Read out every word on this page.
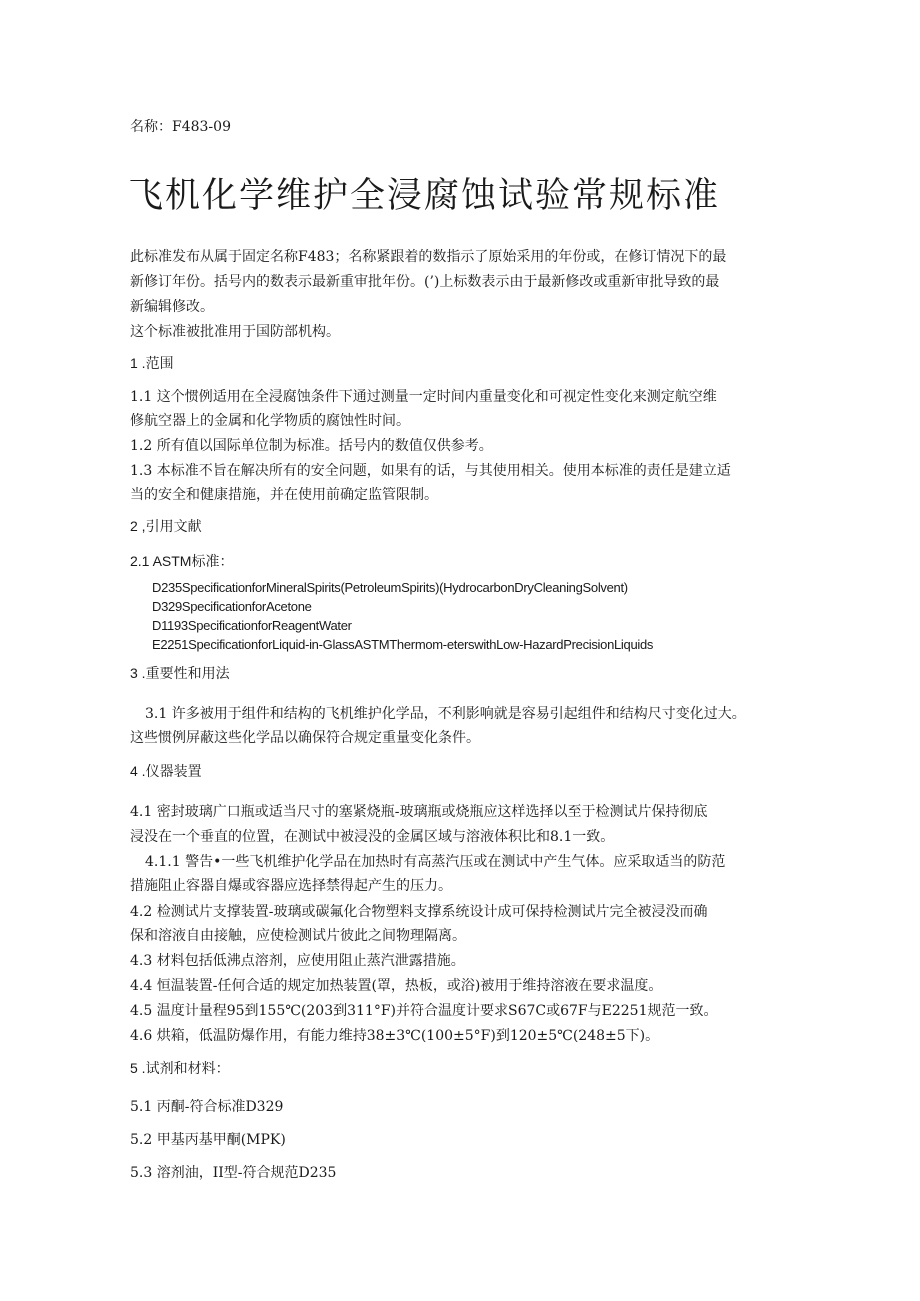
名称：F483-09
飞机化学维护全浸腐蚀试验常规标准
此标准发布从属于固定名称F483；名称紧跟着的数指示了原始采用的年份或，在修订情况下的最
新修订年份。括号内的数表示最新重审批年份。(’)上标数表示由于最新修改或重新审批导致的最
新编辑修改。
这个标准被批准用于国防部机构。
1 .范围
1.1 这个惯例适用在全浸腐蚀条件下通过测量一定时间内重量变化和可视定性变化来测定航空维
修航空器上的金属和化学物质的腐蚀性时间。
1.2 所有值以国际单位制为标准。括号内的数值仅供参考。
1.3 本标准不旨在解决所有的安全问题，如果有的话，与其使用相关。使用本标准的责任是建立适
当的安全和健康措施，并在使用前确定监管限制。
2 ,引用文献
2.1 ASTM标准：
D235SpecificationforMineralSpirits(PetroleumSpirits)(HydrocarbonDryCleaningSolvent)
D329SpecificationforAcetone
D1193SpecificationforReagentWater
E2251SpecificationforLiquid-in-GlassASTMThermom-eterswithLow-HazardPrecisionLiquids
3 .重要性和用法
3.1 许多被用于组件和结构的飞机维护化学品，不利影响就是容易引起组件和结构尺寸变化过大。
这些惯例屏蔽这些化学品以确保符合规定重量变化条件。
4 .仪器装置
4.1 密封玻璃广口瓶或适当尺寸的塞紧烧瓶-玻璃瓶或烧瓶应这样选择以至于检测试片保持彻底
浸没在一个垂直的位置，在测试中被浸没的金属区域与溶液体积比和8.1一致。
4.1.1 警告•一些飞机维护化学品在加热时有高蒸汽压或在测试中产生气体。应采取适当的防范
措施阻止容器自爆或容器应选择禁得起产生的压力。
4.2 检测试片支撑装置-玻璃或碳氟化合物塑料支撑系统设计成可保持检测试片完全被浸没而确
保和溶液自由接触，应使检测试片彼此之间物理隔离。
4.3 材料包括低沸点溶剂，应使用阻止蒸汽泄露措施。
4.4 恒温装置-任何合适的规定加热装置(罩，热板，或浴)被用于维持溶液在要求温度。
4.5 温度计量程95到155℃(203到311°F)并符合温度计要求S67C或67F与E2251规范一致。
4.6 烘箱，低温防爆作用，有能力维持38±3℃(100±5°F)到120±5℃(248±5下)。
5 .试剂和材料：
5.1 丙酮-符合标准D329
5.2 甲基丙基甲酮(MPK)
5.3 溶剂油，II型-符合规范D235
